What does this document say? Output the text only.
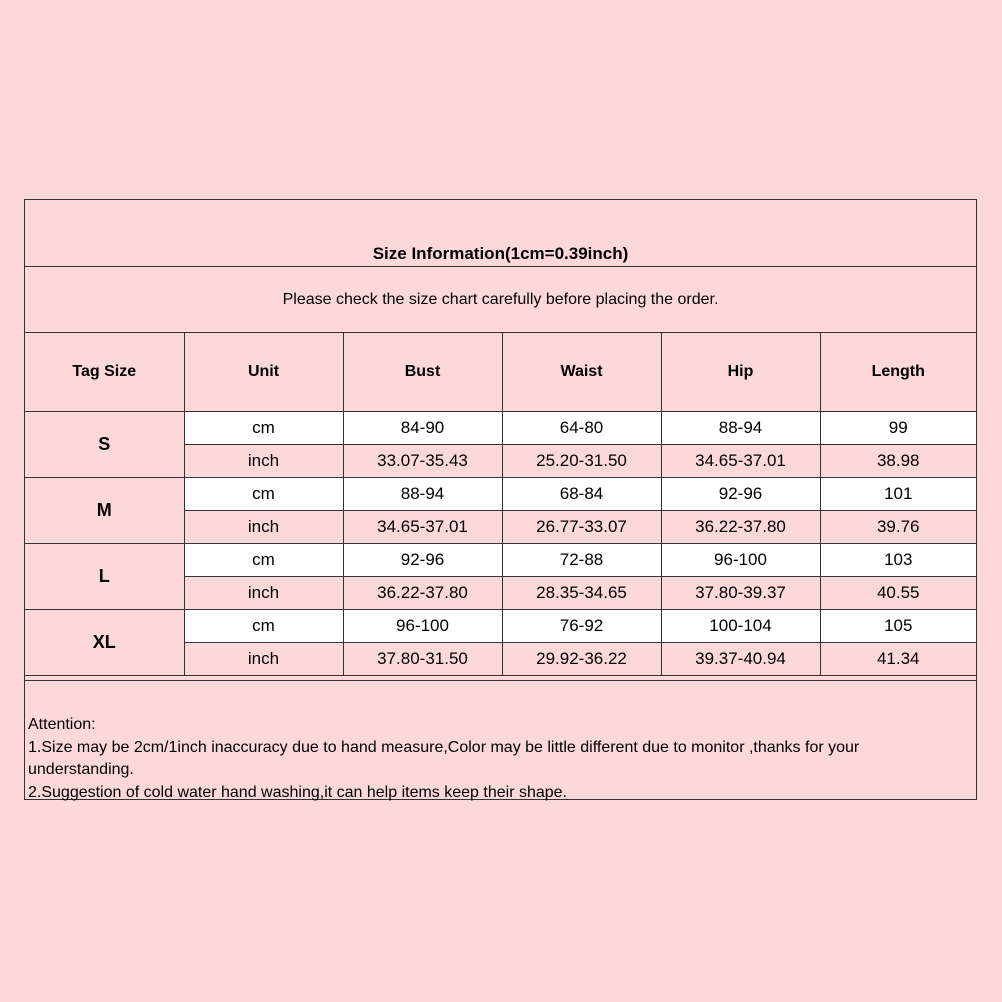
Size Information(1cm=0.39inch)
Please check the size chart carefully before placing the order.
Tag Size	Unit	Bust	Waist	Hip	Length
S	cm	84-90	64-80	88-94	99
	inch	33.07-35.43	25.20-31.50	34.65-37.01	38.98
M	cm	88-94	68-84	92-96	101
	inch	34.65-37.01	26.77-33.07	36.22-37.80	39.76
L	cm	92-96	72-88	96-100	103
	inch	36.22-37.80	28.35-34.65	37.80-39.37	40.55
XL	cm	96-100	76-92	100-104	105
	inch	37.80-31.50	29.92-36.22	39.37-40.94	41.34
Attention:
1.Size may be 2cm/1inch inaccuracy due to hand measure,Color may be little different due to monitor ,thanks for your understanding.
2.Suggestion of cold water hand washing,it can help items keep their shape.
